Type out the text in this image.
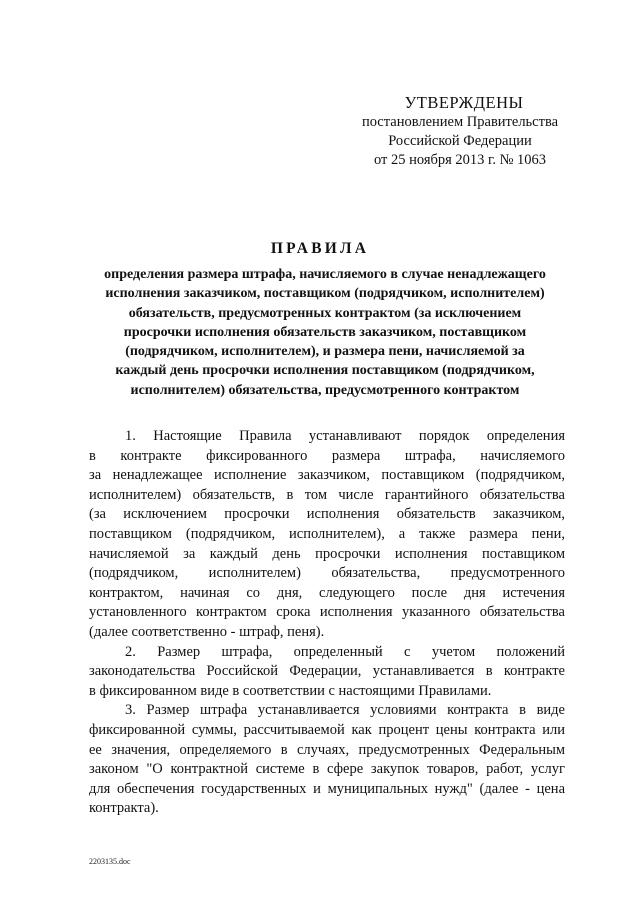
УТВЕРЖДЕНЫ
постановлением Правительства
Российской Федерации
от 25 ноября 2013 г. № 1063
ПРАВИЛА
определения размера штрафа, начисляемого в случае ненадлежащего
исполнения заказчиком, поставщиком (подрядчиком, исполнителем)
обязательств, предусмотренных контрактом (за исключением
просрочки исполнения обязательств заказчиком, поставщиком
(подрядчиком, исполнителем), и размера пени, начисляемой за
каждый день просрочки исполнения поставщиком (подрядчиком,
исполнителем) обязательства, предусмотренного контрактом
1. Настоящие Правила устанавливают порядок определения
в контракте фиксированного размера штрафа, начисляемого
за ненадлежащее исполнение заказчиком, поставщиком (подрядчиком,
исполнителем) обязательств, в том числе гарантийного обязательства
(за исключением просрочки исполнения обязательств заказчиком,
поставщиком (подрядчиком, исполнителем), а также размера пени,
начисляемой за каждый день просрочки исполнения поставщиком
(подрядчиком, исполнителем) обязательства, предусмотренного
контрактом, начиная со дня, следующего после дня истечения
установленного контрактом срока исполнения указанного обязательства
(далее соответственно - штраф, пеня).
2. Размер штрафа, определенный с учетом положений
законодательства Российской Федерации, устанавливается в контракте
в фиксированном виде в соответствии с настоящими Правилами.
3. Размер штрафа устанавливается условиями контракта в виде
фиксированной суммы, рассчитываемой как процент цены контракта или
ее значения, определяемого в случаях, предусмотренных Федеральным
законом "О контрактной системе в сфере закупок товаров, работ, услуг
для обеспечения государственных и муниципальных нужд" (далее - цена
контракта).
2203135.doc
